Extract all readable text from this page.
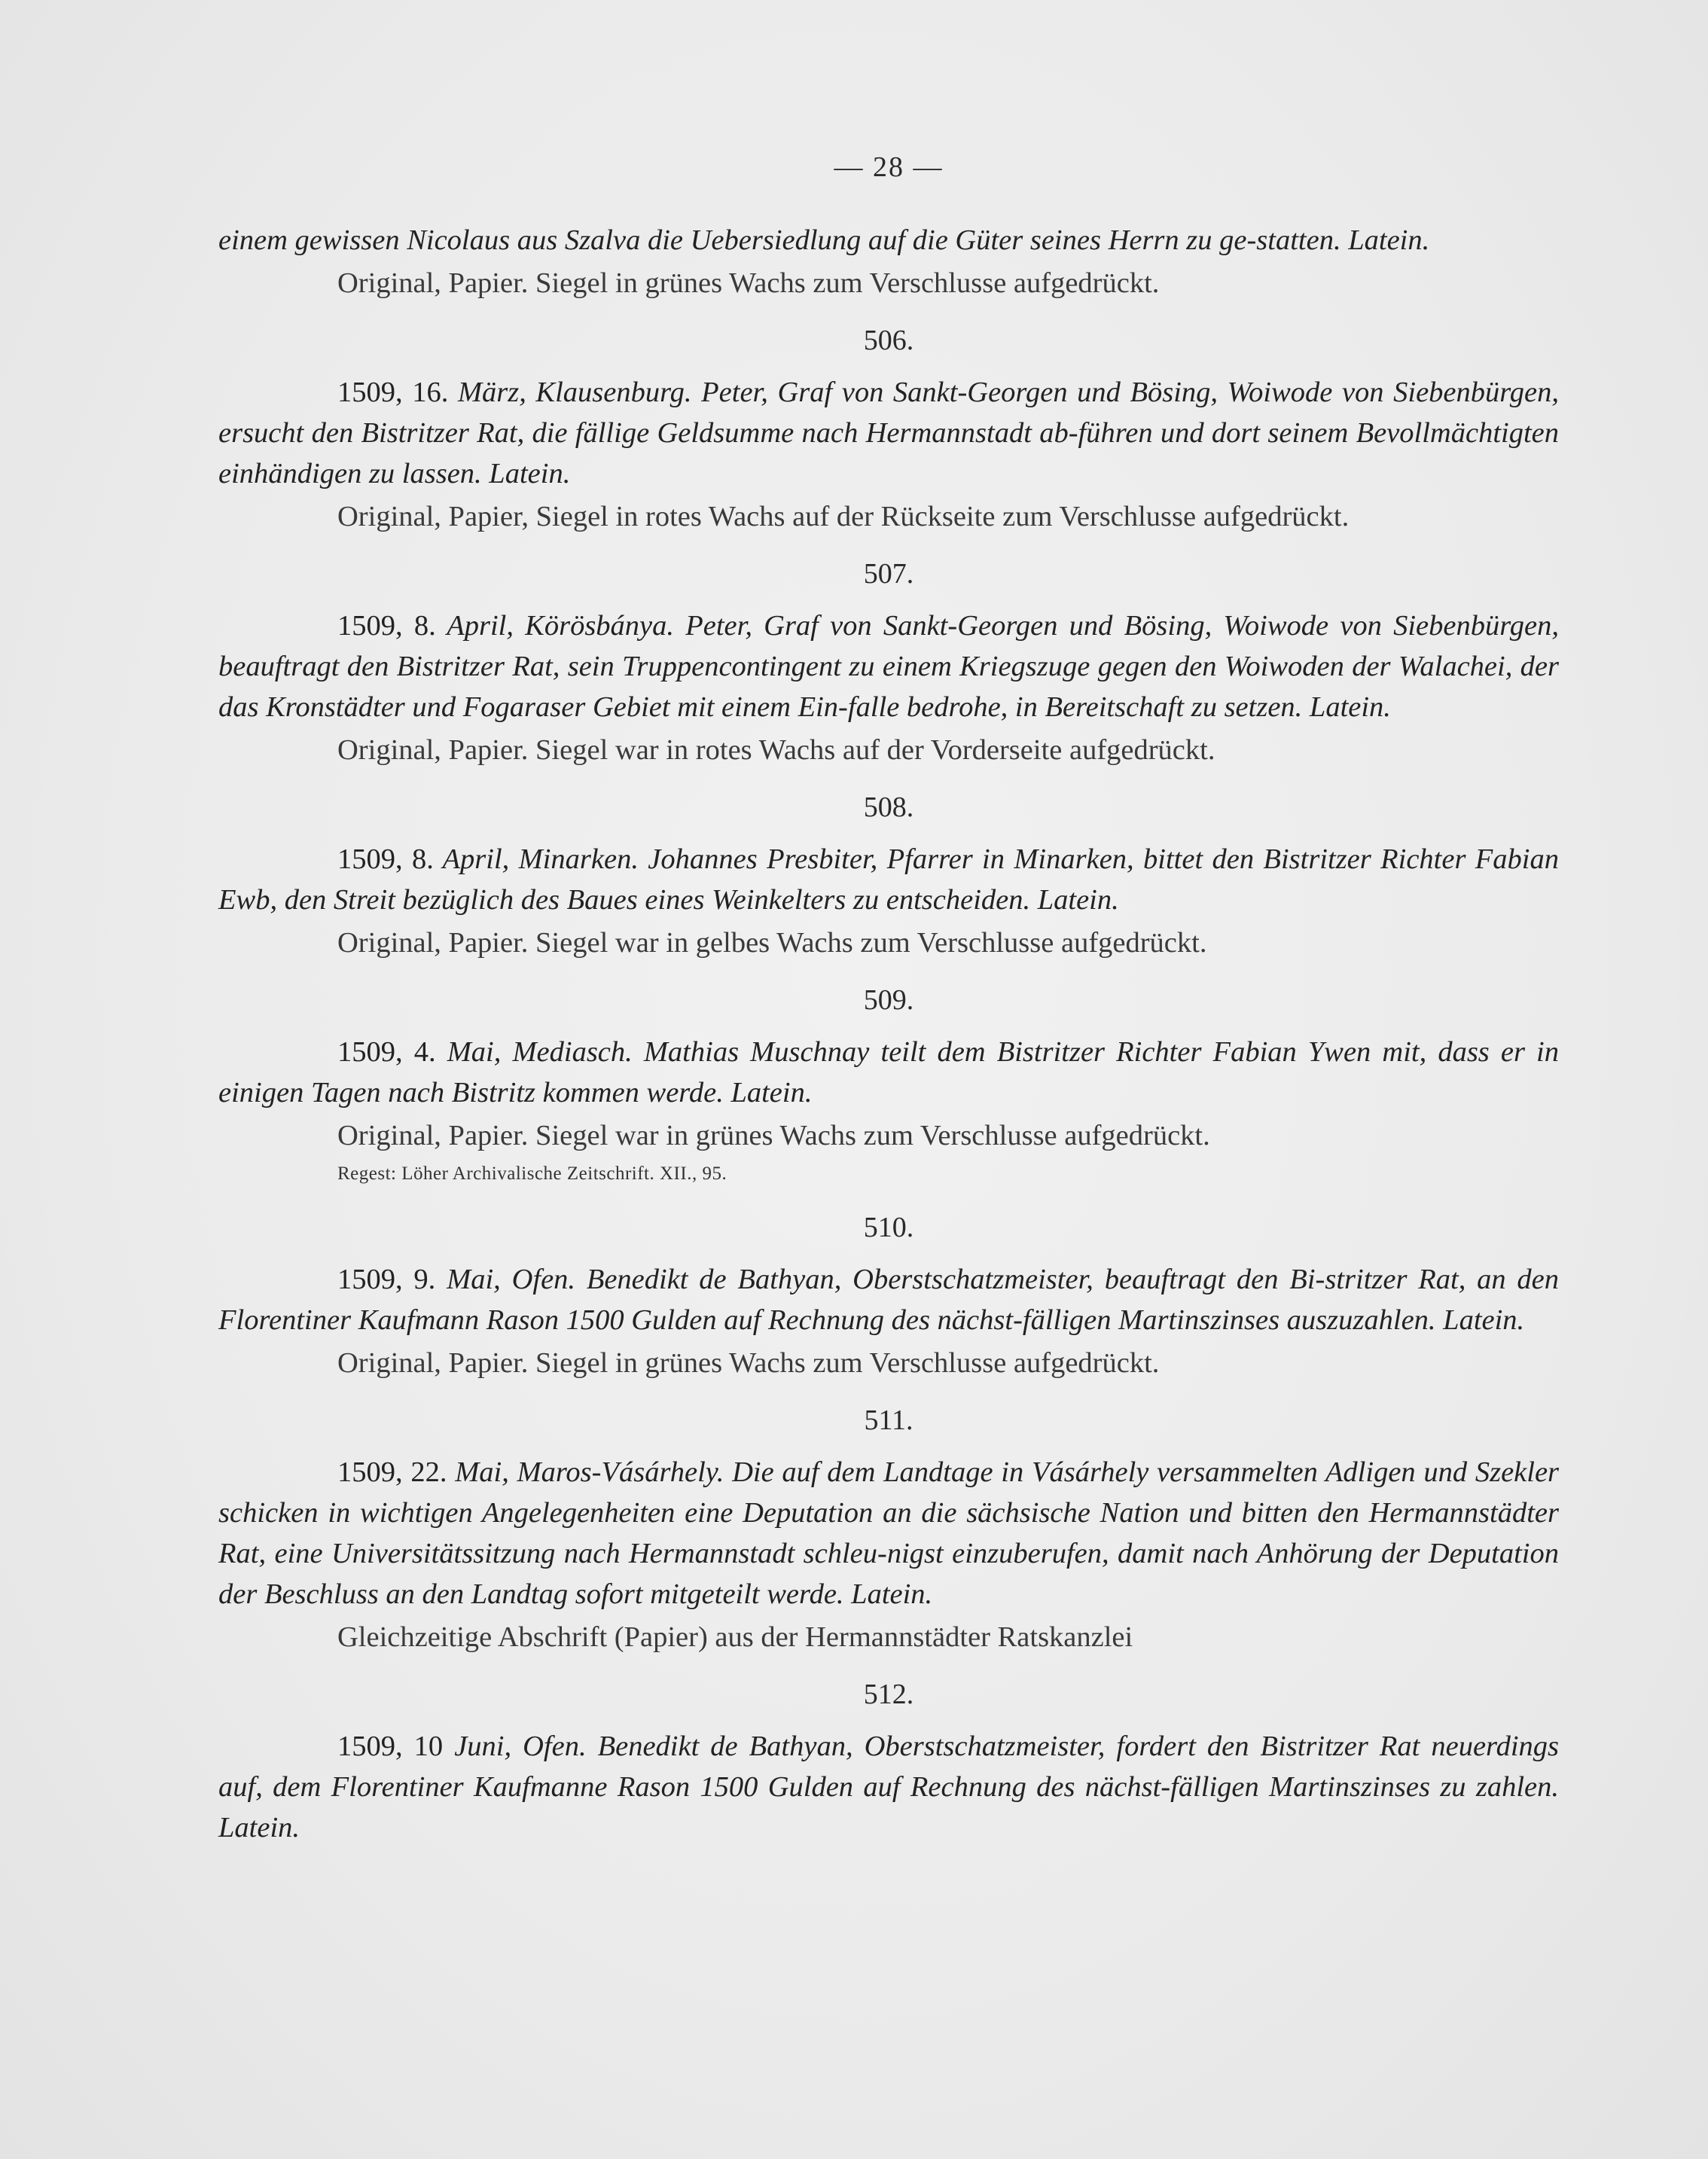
— 28 —

einem gewissen Nicolaus aus Szalva die Uebersiedlung auf die Güter seines Herrn zu ge-statten. Latein.

Original, Papier. Siegel in grünes Wachs zum Verschlusse aufgedrückt.

506.

1509, 16. März, Klausenburg. Peter, Graf von Sankt-Georgen und Bösing, Woiwode von Siebenbürgen, ersucht den Bistritzer Rat, die fällige Geldsumme nach Hermannstadt ab-führen und dort seinem Bevollmächtigten einhändigen zu lassen. Latein.

Original, Papier, Siegel in rotes Wachs auf der Rückseite zum Verschlusse aufgedrückt.

507.

1509, 8. April, Körösbánya. Peter, Graf von Sankt-Georgen und Bösing, Woiwode von Siebenbürgen, beauftragt den Bistritzer Rat, sein Truppencontingent zu einem Kriegszuge gegen den Woiwoden der Walachei, der das Kronstädter und Fogaraser Gebiet mit einem Ein-falle bedrohe, in Bereitschaft zu setzen. Latein.

Original, Papier. Siegel war in rotes Wachs auf der Vorderseite aufgedrückt.

508.

1509, 8. April, Minarken. Johannes Presbiter, Pfarrer in Minarken, bittet den Bistritzer Richter Fabian Ewb, den Streit bezüglich des Baues eines Weinkelters zu entscheiden. Latein.

Original, Papier. Siegel war in gelbes Wachs zum Verschlusse aufgedrückt.

509.

1509, 4. Mai, Mediasch. Mathias Muschnay teilt dem Bistritzer Richter Fabian Ywen mit, dass er in einigen Tagen nach Bistritz kommen werde. Latein.

Original, Papier. Siegel war in grünes Wachs zum Verschlusse aufgedrückt.

Regest: Löher Archivalische Zeitschrift. XII., 95.

510.

1509, 9. Mai, Ofen. Benedikt de Bathyan, Oberstschatzmeister, beauftragt den Bi-stritzer Rat, an den Florentiner Kaufmann Rason 1500 Gulden auf Rechnung des nächst-fälligen Martinszinses auszuzahlen. Latein.

Original, Papier. Siegel in grünes Wachs zum Verschlusse aufgedrückt.

511.

1509, 22. Mai, Maros-Vásárhely. Die auf dem Landtage in Vásárhely versammelten Adligen und Szekler schicken in wichtigen Angelegenheiten eine Deputation an die sächsische Nation und bitten den Hermannstädter Rat, eine Universitätssitzung nach Hermannstadt schleu-nigst einzuberufen, damit nach Anhörung der Deputation der Beschluss an den Landtag sofort mitgeteilt werde. Latein.

Gleichzeitige Abschrift (Papier) aus der Hermannstädter Ratskanzlei

512.

1509, 10 Juni, Ofen. Benedikt de Bathyan, Oberstschatzmeister, fordert den Bistritzer Rat neuerdings auf, dem Florentiner Kaufmanne Rason 1500 Gulden auf Rechnung des nächst-fälligen Martinszinses zu zahlen. Latein.
